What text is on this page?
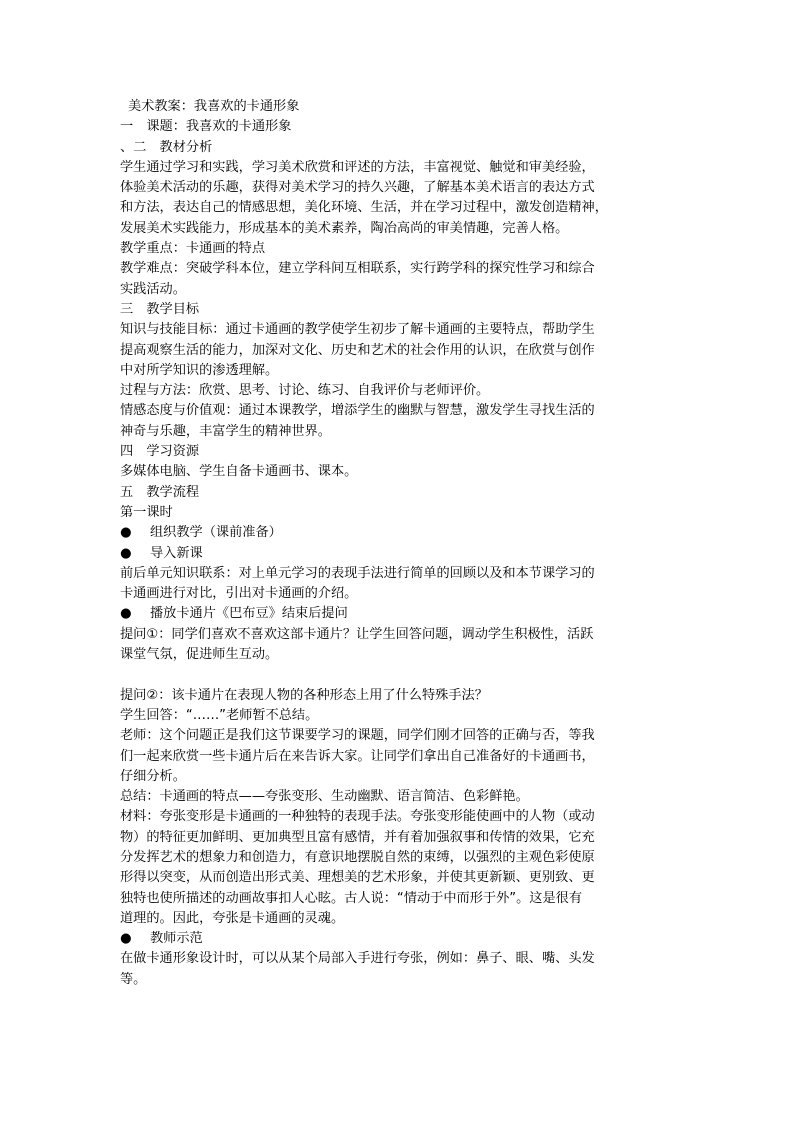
美术教案：我喜欢的卡通形象
一　课题：我喜欢的卡通形象
、二　教材分析
学生通过学习和实践，学习美术欣赏和评述的方法，丰富视觉、触觉和审美经验，
体验美术活动的乐趣，获得对美术学习的持久兴趣，了解基本美术语言的表达方式
和方法，表达自己的情感思想，美化环境、生活，并在学习过程中，激发创造精神，
发展美术实践能力，形成基本的美术素养，陶冶高尚的审美情趣，完善人格。
教学重点：卡通画的特点
教学难点：突破学科本位，建立学科间互相联系，实行跨学科的探究性学习和综合
实践活动。
三　教学目标
知识与技能目标：通过卡通画的教学使学生初步了解卡通画的主要特点，帮助学生
提高观察生活的能力，加深对文化、历史和艺术的社会作用的认识，在欣赏与创作
中对所学知识的渗透理解。
过程与方法：欣赏、思考、讨论、练习、自我评价与老师评价。
情感态度与价值观：通过本课教学，增添学生的幽默与智慧，激发学生寻找生活的
神奇与乐趣，丰富学生的精神世界。
四　学习资源
多媒体电脑、学生自备卡通画书、课本。
五　教学流程
第一课时
●	组织教学（课前准备）
●	导入新课
前后单元知识联系：对上单元学习的表现手法进行简单的回顾以及和本节课学习的
卡通画进行对比，引出对卡通画的介绍。
●	播放卡通片《巴布豆》结束后提问
提问①：同学们喜欢不喜欢这部卡通片？让学生回答问题，调动学生积极性，活跃
课堂气氛，促进师生互动。
提问②：该卡通片在表现人物的各种形态上用了什么特殊手法？
学生回答：“……”老师暂不总结。
老师：这个问题正是我们这节课要学习的课题，同学们刚才回答的正确与否，等我
们一起来欣赏一些卡通片后在来告诉大家。让同学们拿出自己准备好的卡通画书，
仔细分析。
总结：卡通画的特点——夸张变形、生动幽默、语言简洁、色彩鲜艳。
材料：夸张变形是卡通画的一种独特的表现手法。夸张变形能使画中的人物（或动
物）的特征更加鲜明、更加典型且富有感情，并有着加强叙事和传情的效果，它充
分发挥艺术的想象力和创造力，有意识地摆脱自然的束缚，以强烈的主观色彩使原
形得以突变，从而创造出形式美、理想美的艺术形象，并使其更新颖、更别致、更
独特也使所描述的动画故事扣人心眩。古人说：“情动于中而形于外”。这是很有
道理的。因此，夸张是卡通画的灵魂。
●	教师示范
在做卡通形象设计时，可以从某个局部入手进行夸张，例如：鼻子、眼、嘴、头发
等。
